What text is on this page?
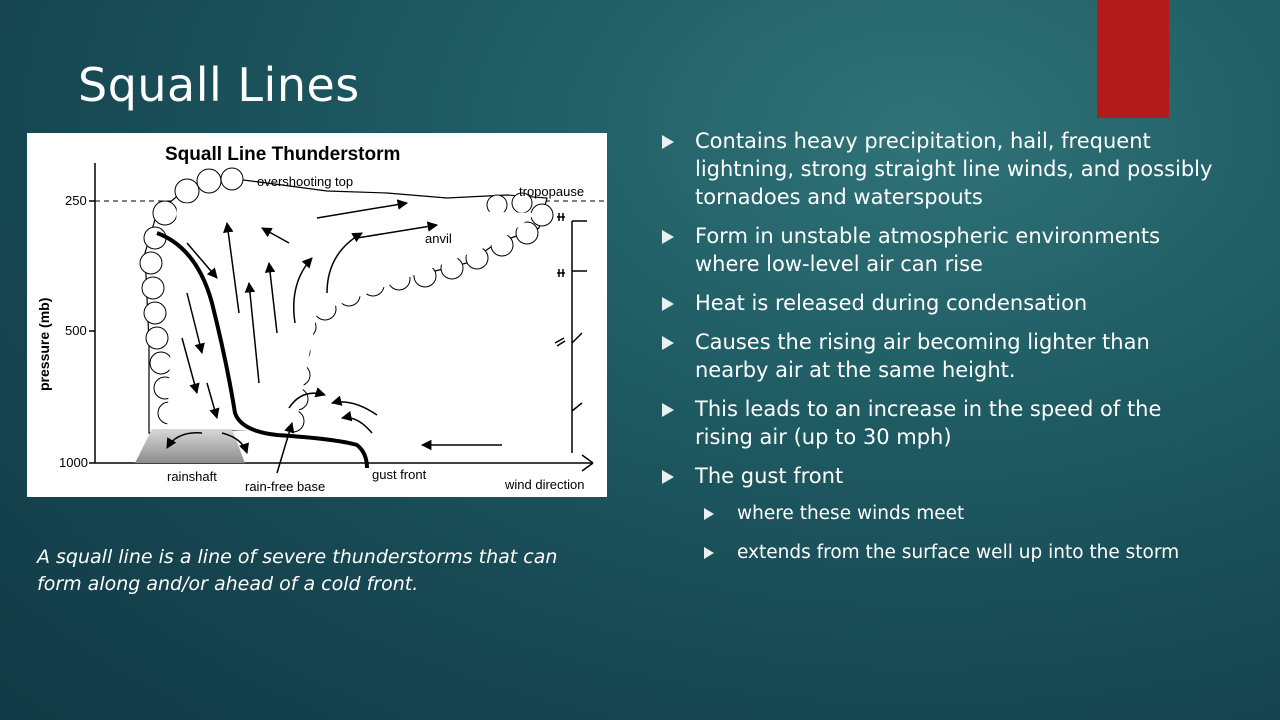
Squall Lines
Squall Line Thunderstorm
250
500
1000
pressure (mb)
overshooting top
tropopause
anvil
rainshaft
rain-free base
gust front
wind direction
A squall line is a line of severe thunderstorms that can form along and/or ahead of a cold front.
Contains heavy precipitation, hail, frequent lightning, strong straight line winds, and possibly tornadoes and waterspouts
Form in unstable atmospheric environments where low-level air can rise
Heat is released during condensation
Causes the rising air becoming lighter than nearby air at the same height.
This leads to an increase in the speed of the rising air (up to 30 mph)
The gust front
where these winds meet
extends from the surface well up into the storm
